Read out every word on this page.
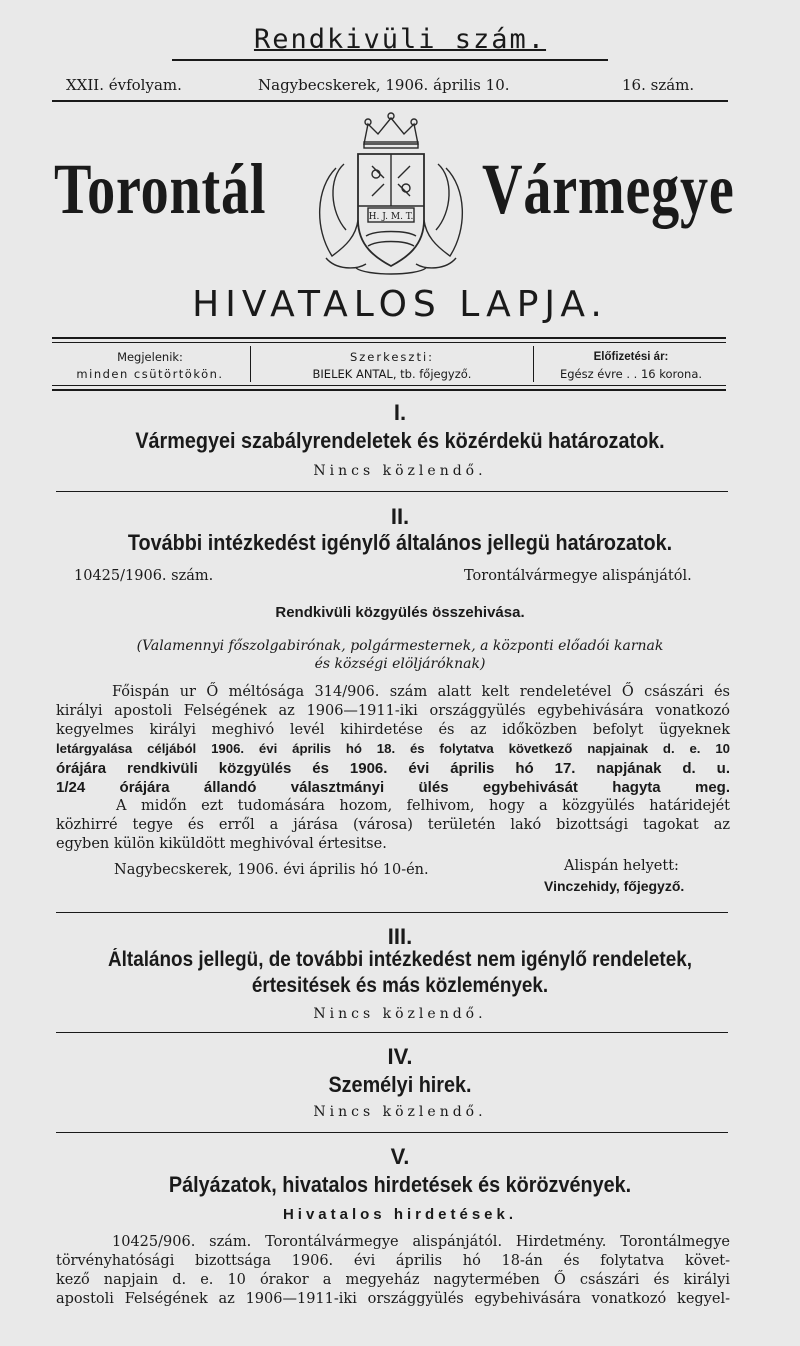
Rendkivüli szám.
XXII. évfolyam.	Nagybecskerek, 1906. április 10.	16. szám.
Torontál	Vármegye
H. J. M. T.
HIVATALOS LAPJA.
Megjelenik:
minden csütörtökön.
Szerkeszti:
BIELEK ANTAL, tb. főjegyző.
Előfizetési ár:
Egész évre . . 16 korona.
I.
Vármegyei szabályrendeletek és közérdekü határozatok.
Nincs közlendő.
II.
További intézkedést igénylő általános jellegü határozatok.
10425/1906. szám.	Torontálvármegye alispánjától.
Rendkivüli közgyülés összehivása.
(Valamennyi főszolgabirónak, polgármesternek, a központi előadói karnak
és községi elöljáróknak)
Főispán ur Ő méltósága 314/906. szám alatt kelt rendeletével Ő császári és
királyi apostoli Felségének az 1906—1911-iki országgyülés egybehivására vonatkozó
kegyelmes királyi meghivó levél kihirdetése és az időközben befolyt ügyeknek
letárgyalása céljából 1906. évi április hó 18. és folytatva következő napjainak d. e. 10
órájára rendkivüli közgyülés és 1906. évi április hó 17. napjának d. u.
1/24 órájára állandó választmányi ülés egybehivását hagyta meg.
A midőn ezt tudomására hozom, felhivom, hogy a közgyülés határidejét
közhirré tegye és erről a járása (városa) területén lakó bizottsági tagokat az
egyben külön kiküldött meghivóval értesitse.
Nagybecskerek, 1906. évi április hó 10-én.	Alispán helyett:
Vinczehidy, főjegyző.
III.
Általános jellegü, de további intézkedést nem igénylő rendeletek,
értesitések és más közlemények.
Nincs közlendő.
IV.
Személyi hirek.
Nincs közlendő.
V.
Pályázatok, hivatalos hirdetések és körözvények.
Hivatalos hirdetések.
10425/906. szám. Torontálvármegye alispánjától. Hirdetmény. Torontálmegye
törvényhatósági bizottsága 1906. évi április hó 18-án és folytatva követ-
kező napjain d. e. 10 órakor a megyeház nagytermében Ő császári és királyi
apostoli Felségének az 1906—1911-iki országgyülés egybehivására vonatkozó kegyel-
